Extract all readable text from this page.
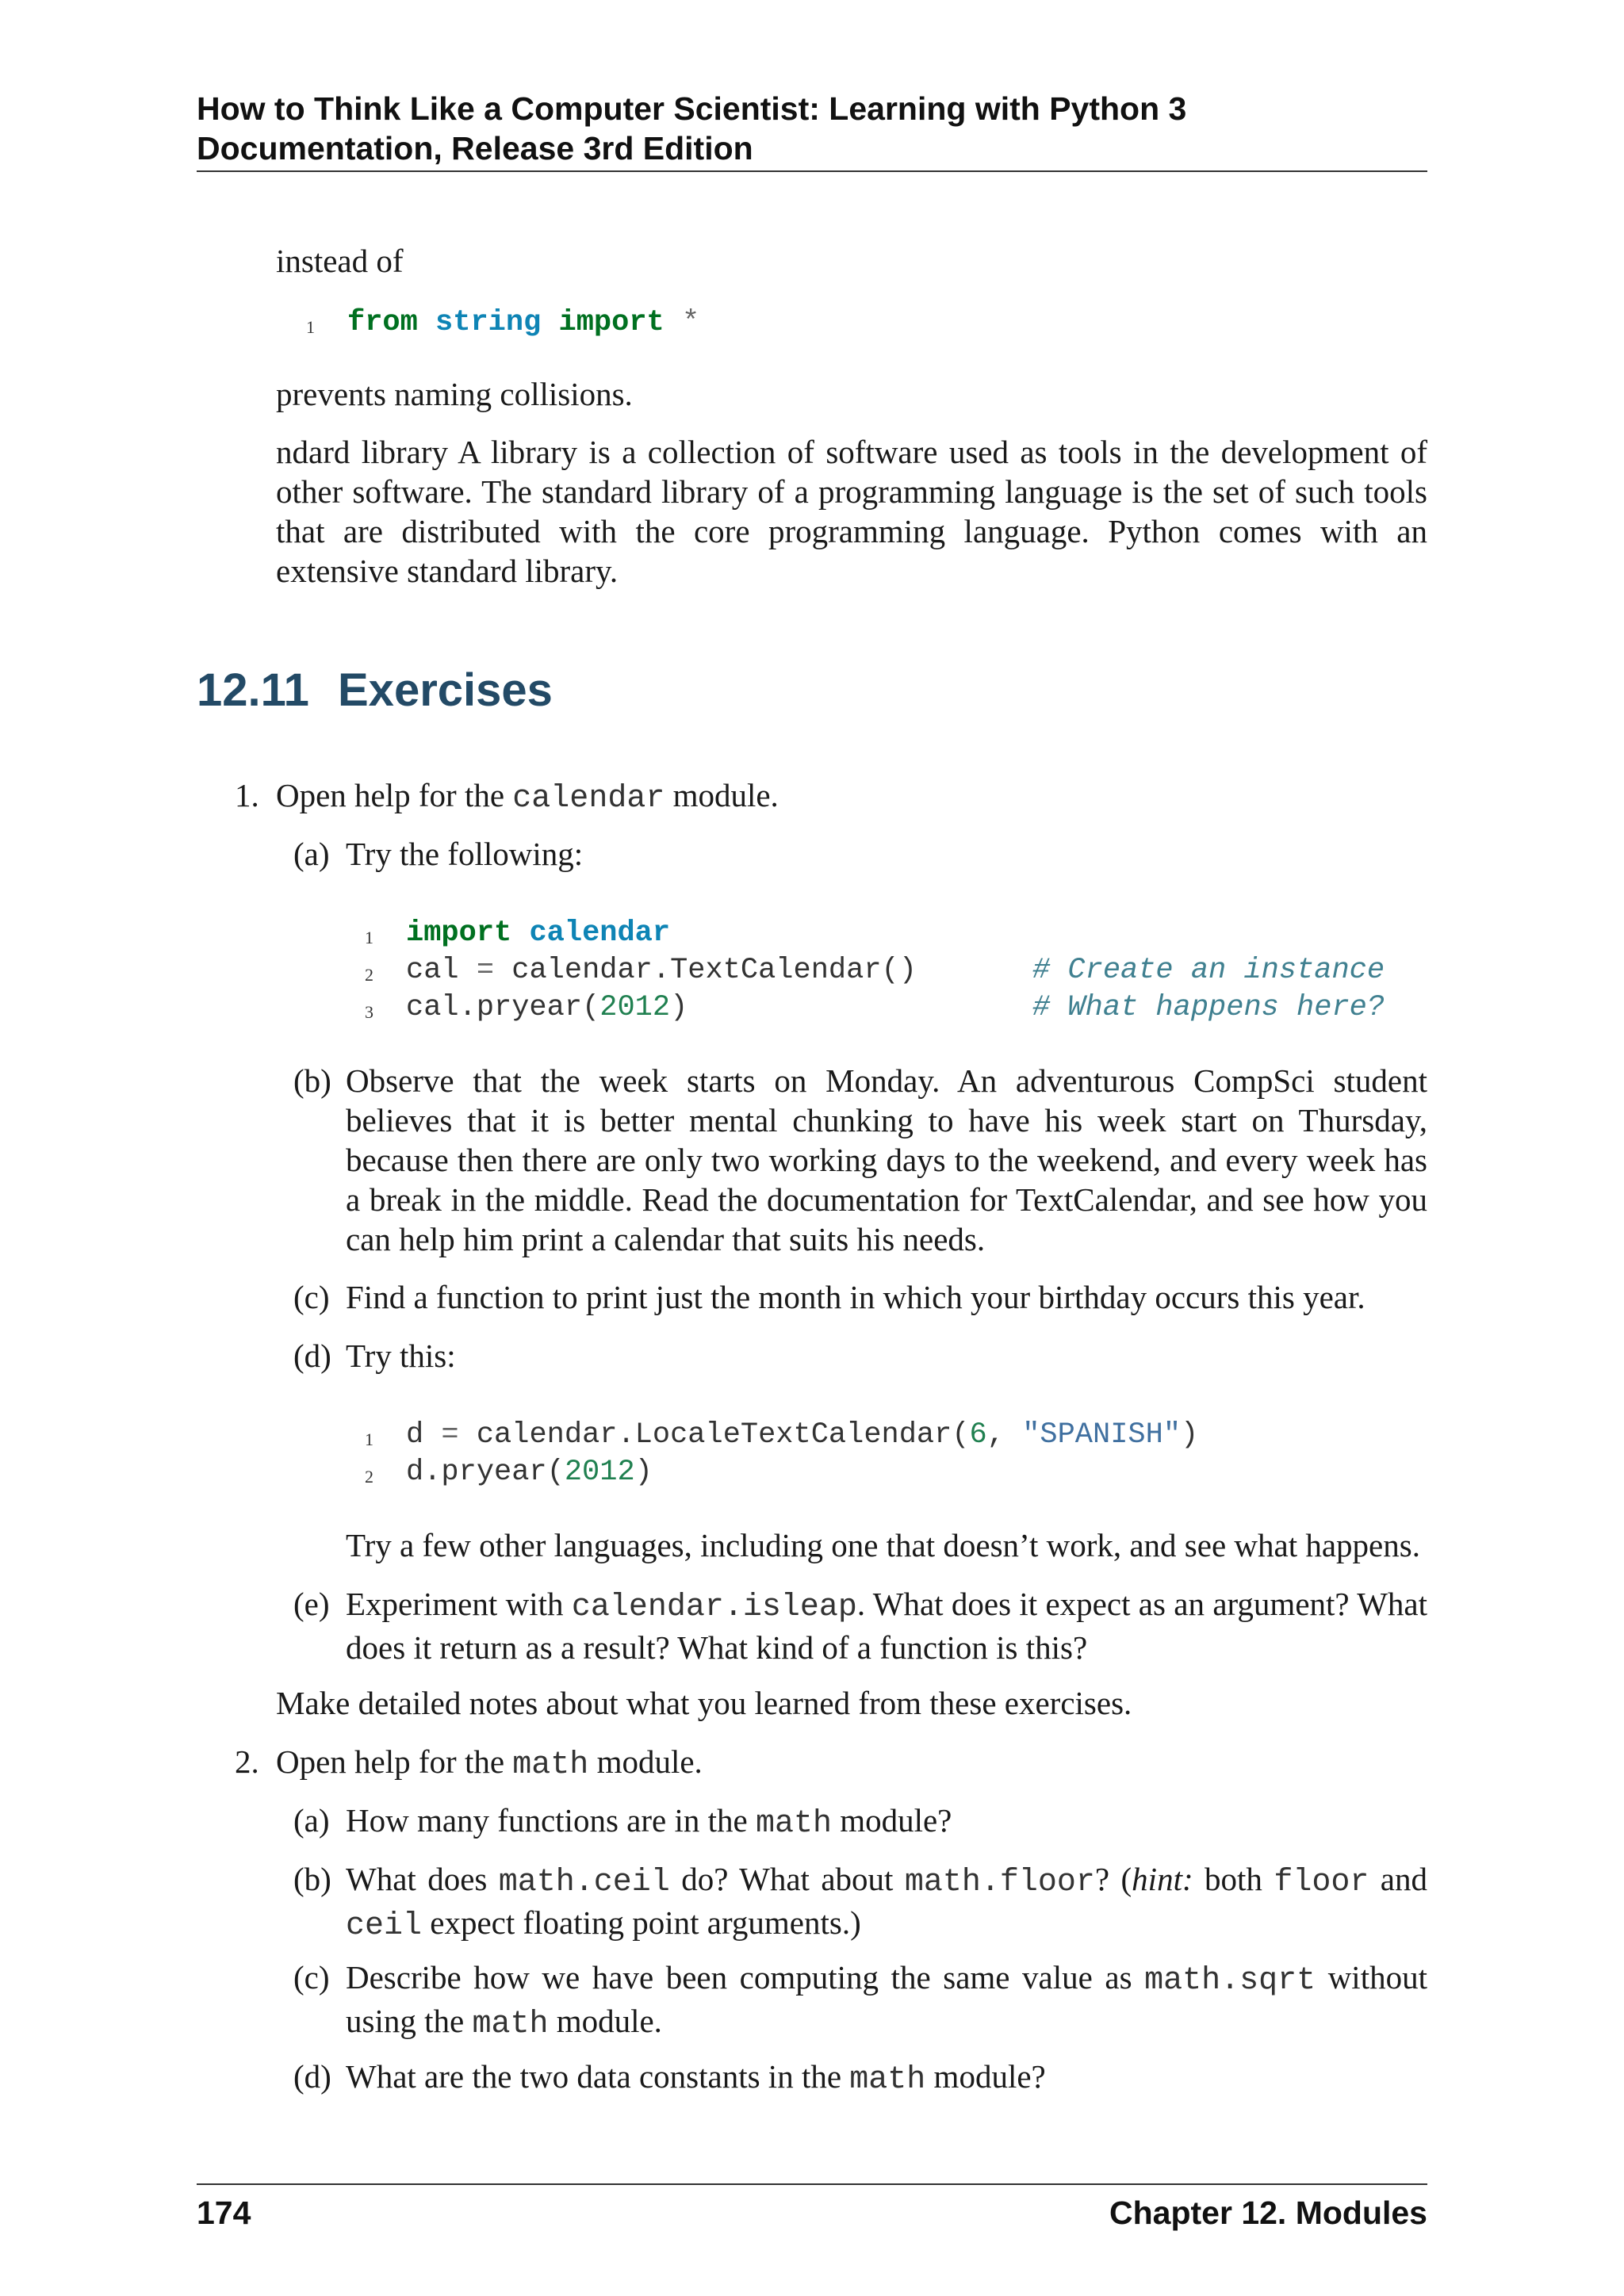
How to Think Like a Computer Scientist: Learning with Python 3
Documentation, Release 3rd Edition
instead of
1 from string import *
prevents naming collisions.
ndard library A library is a collection of software used as tools in the development of other software. The standard library of a programming language is the set of such tools that are distributed with the core programming language. Python comes with an extensive standard library.
12.11 Exercises
1. Open help for the calendar module.
(a) Try the following:
1 import calendar
2 cal = calendar.TextCalendar()	# Create an instance
3 cal.pryear(2012)	# What happens here?
(b) Observe that the week starts on Monday. An adventurous CompSci student believes that it is better mental chunking to have his week start on Thursday, because then there are only two working days to the weekend, and every week has a break in the middle. Read the documentation for TextCalendar, and see how you can help him print a calendar that suits his needs.
(c) Find a function to print just the month in which your birthday occurs this year.
(d) Try this:
1 d = calendar.LocaleTextCalendar(6, "SPANISH")
2 d.pryear(2012)
Try a few other languages, including one that doesn’t work, and see what happens.
(e) Experiment with calendar.isleap. What does it expect as an argument? What does it return as a result? What kind of a function is this?
Make detailed notes about what you learned from these exercises.
2. Open help for the math module.
(a) How many functions are in the math module?
(b) What does math.ceil do? What about math.floor? (hint: both floor and ceil expect floating point arguments.)
(c) Describe how we have been computing the same value as math.sqrt without using the math module.
(d) What are the two data constants in the math module?
174	Chapter 12. Modules
